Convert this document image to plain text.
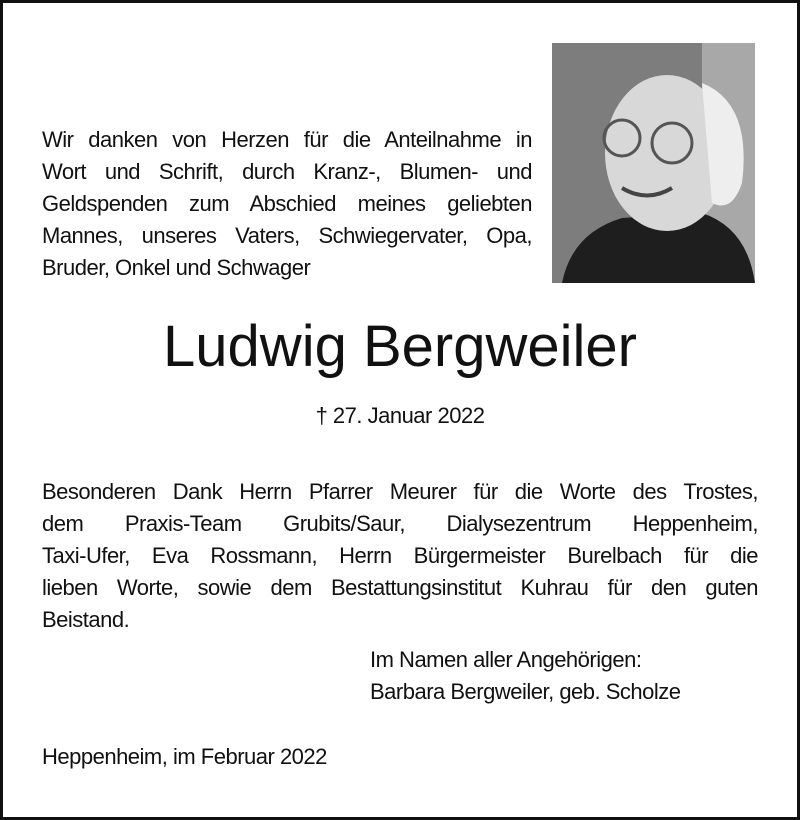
Wir danken von Herzen für die Anteilnahme in
Wort und Schrift, durch Kranz-, Blumen- und
Geldspenden zum Abschied meines geliebten
Mannes, unseres Vaters, Schwiegervater, Opa,
Bruder, Onkel und Schwager
Ludwig Bergweiler
† 27. Januar 2022
Besonderen Dank Herrn Pfarrer Meurer für die Worte des Trostes,
dem Praxis-Team Grubits/Saur, Dialysezentrum Heppenheim,
Taxi-Ufer, Eva Rossmann, Herrn Bürgermeister Burelbach für die
lieben Worte, sowie dem Bestattungsinstitut Kuhrau für den guten
Beistand.
Im Namen aller Angehörigen:
Barbara Bergweiler, geb. Scholze
Heppenheim, im Februar 2022
